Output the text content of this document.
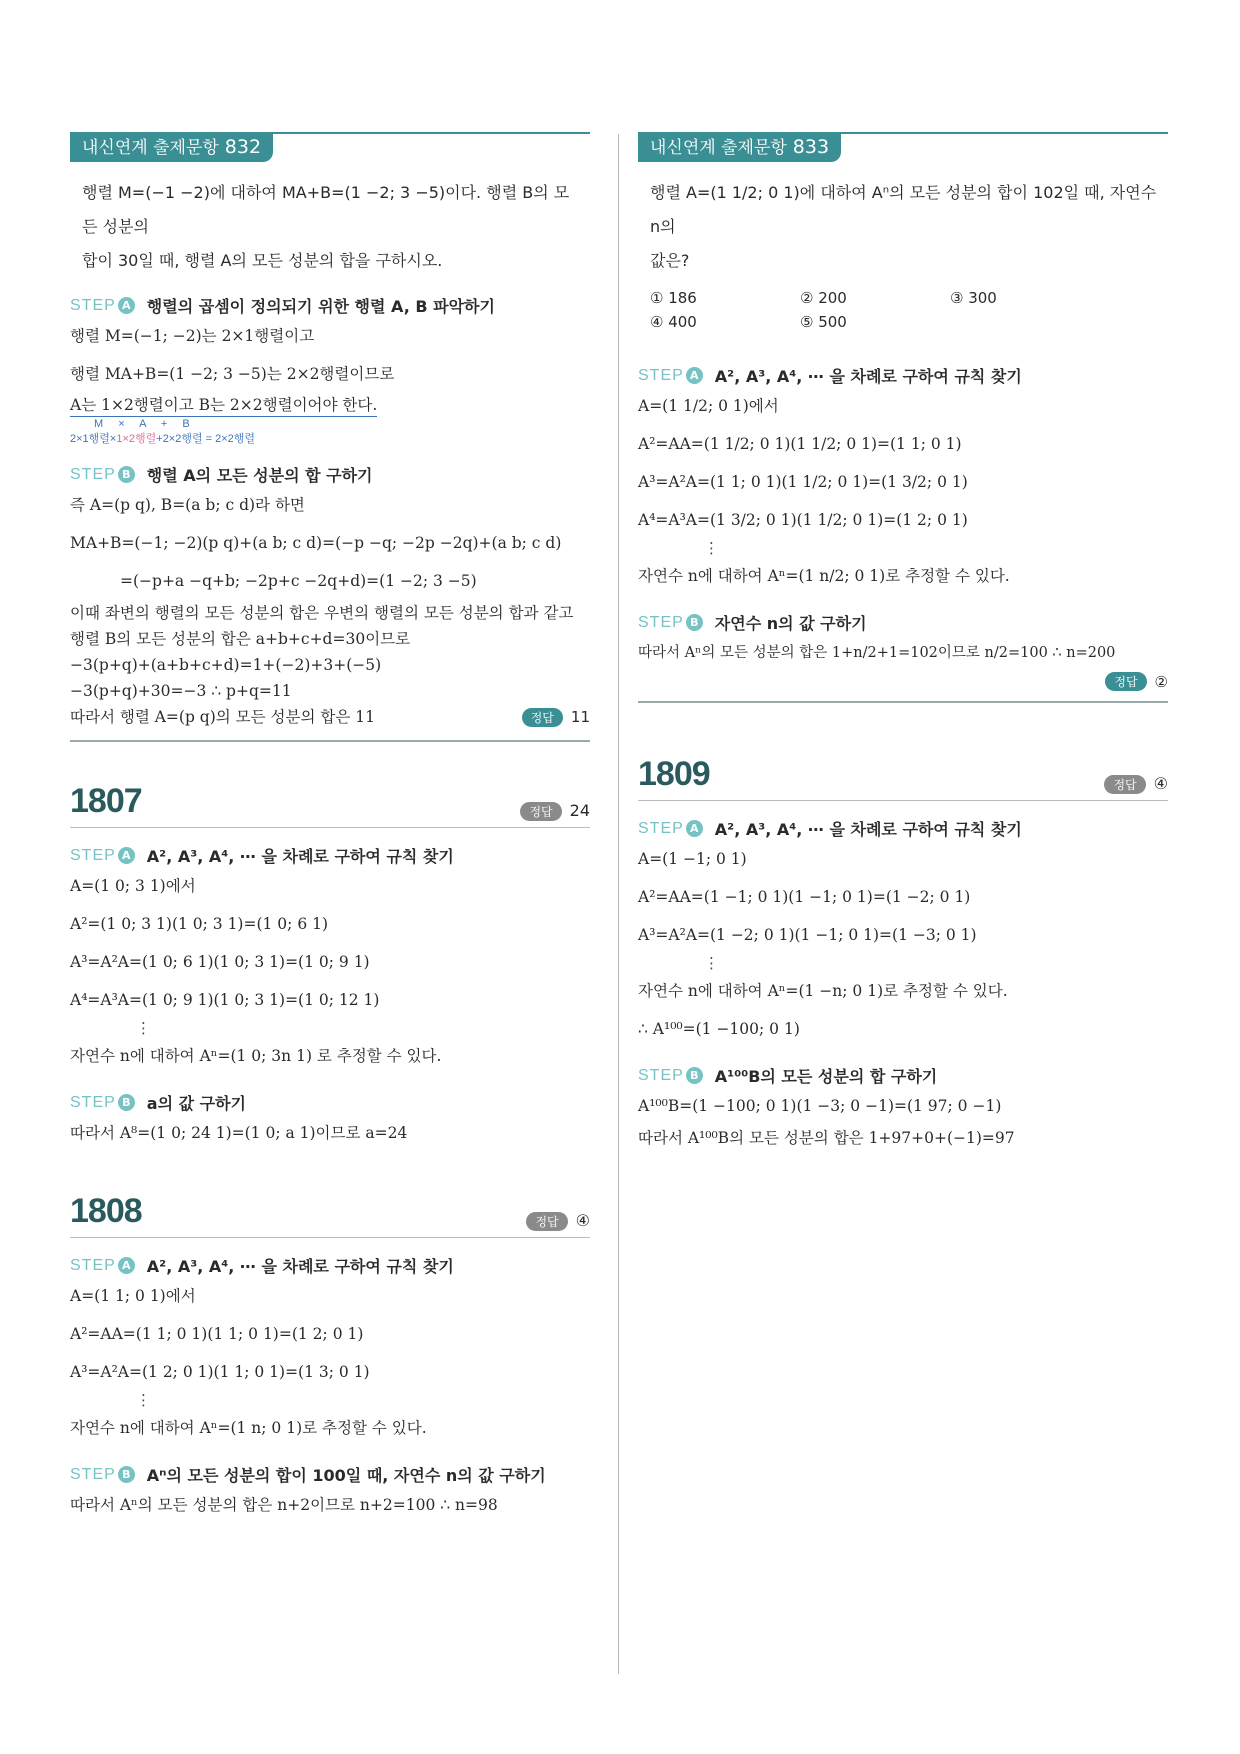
내신연계 출제문항 832
행렬 M=(−1 −2)에 대하여 MA+B=(1 −2; 3 −5)이다. 행렬 B의 모든 성분의
합이 30일 때, 행렬 A의 모든 성분의 합을 구하시오.
STEP A 행렬의 곱셈이 정의되기 위한 행렬 A, B 파악하기
행렬 M=(−1; −2)는 2×1행렬이고
행렬 MA+B=(1 −2; 3 −5)는 2×2행렬이므로
A는 1×2행렬이고 B는 2×2행렬이어야 한다.
M × A + B
2×1행렬×1×2행렬+2×2행렬 = 2×2행렬
STEP B 행렬 A의 모든 성분의 합 구하기
즉 A=(p q), B=(a b; c d)라 하면
MA+B=(−1; −2)(p q)+(a b; c d)=(−p −q; −2p −2q)+(a b; c d)
=(−p+a −q+b; −2p+c −2q+d)=(1 −2; 3 −5)
이때 좌변의 행렬의 모든 성분의 합은 우변의 행렬의 모든 성분의 합과 같고
행렬 B의 모든 성분의 합은 a+b+c+d=30이므로
−3(p+q)+(a+b+c+d)=1+(−2)+3+(−5)
−3(p+q)+30=−3 ∴ p+q=11
따라서 행렬 A=(p q)의 모든 성분의 합은 11	정답 11
1807	정답 24
STEP A A², A³, A⁴, ⋯ 을 차례로 구하여 규칙 찾기
A=(1 0; 3 1)에서
A²=(1 0; 3 1)(1 0; 3 1)=(1 0; 6 1)
A³=A²A=(1 0; 6 1)(1 0; 3 1)=(1 0; 9 1)
A⁴=A³A=(1 0; 9 1)(1 0; 3 1)=(1 0; 12 1)
⋮
자연수 n에 대하여 Aⁿ=(1 0; 3n 1) 로 추정할 수 있다.
STEP B a의 값 구하기
따라서 A⁸=(1 0; 24 1)=(1 0; a 1)이므로 a=24
1808	정답 ④
STEP A A², A³, A⁴, ⋯ 을 차례로 구하여 규칙 찾기
A=(1 1; 0 1)에서
A²=AA=(1 1; 0 1)(1 1; 0 1)=(1 2; 0 1)
A³=A²A=(1 2; 0 1)(1 1; 0 1)=(1 3; 0 1)
⋮
자연수 n에 대하여 Aⁿ=(1 n; 0 1)로 추정할 수 있다.
STEP B Aⁿ의 모든 성분의 합이 100일 때, 자연수 n의 값 구하기
따라서 Aⁿ의 모든 성분의 합은 n+2이므로 n+2=100 ∴ n=98
내신연계 출제문항 833
행렬 A=(1 1/2; 0 1)에 대하여 Aⁿ의 모든 성분의 합이 102일 때, 자연수 n의
값은?
① 186	② 200	③ 300
④ 400	⑤ 500
STEP A A², A³, A⁴, ⋯ 을 차례로 구하여 규칙 찾기
A=(1 1/2; 0 1)에서
A²=AA=(1 1/2; 0 1)(1 1/2; 0 1)=(1 1; 0 1)
A³=A²A=(1 1; 0 1)(1 1/2; 0 1)=(1 3/2; 0 1)
A⁴=A³A=(1 3/2; 0 1)(1 1/2; 0 1)=(1 2; 0 1)
⋮
자연수 n에 대하여 Aⁿ=(1 n/2; 0 1)로 추정할 수 있다.
STEP B 자연수 n의 값 구하기
따라서 Aⁿ의 모든 성분의 합은 1+n/2+1=102이므로 n/2=100 ∴ n=200
정답	②
1809	정답 ④
STEP A A², A³, A⁴, ⋯ 을 차례로 구하여 규칙 찾기
A=(1 −1; 0 1)
A²=AA=(1 −1; 0 1)(1 −1; 0 1)=(1 −2; 0 1)
A³=A²A=(1 −2; 0 1)(1 −1; 0 1)=(1 −3; 0 1)
⋮
자연수 n에 대하여 Aⁿ=(1 −n; 0 1)로 추정할 수 있다.
∴ A¹⁰⁰=(1 −100; 0 1)
STEP B A¹⁰⁰B의 모든 성분의 합 구하기
A¹⁰⁰B=(1 −100; 0 1)(1 −3; 0 −1)=(1 97; 0 −1)
따라서 A¹⁰⁰B의 모든 성분의 합은 1+97+0+(−1)=97
